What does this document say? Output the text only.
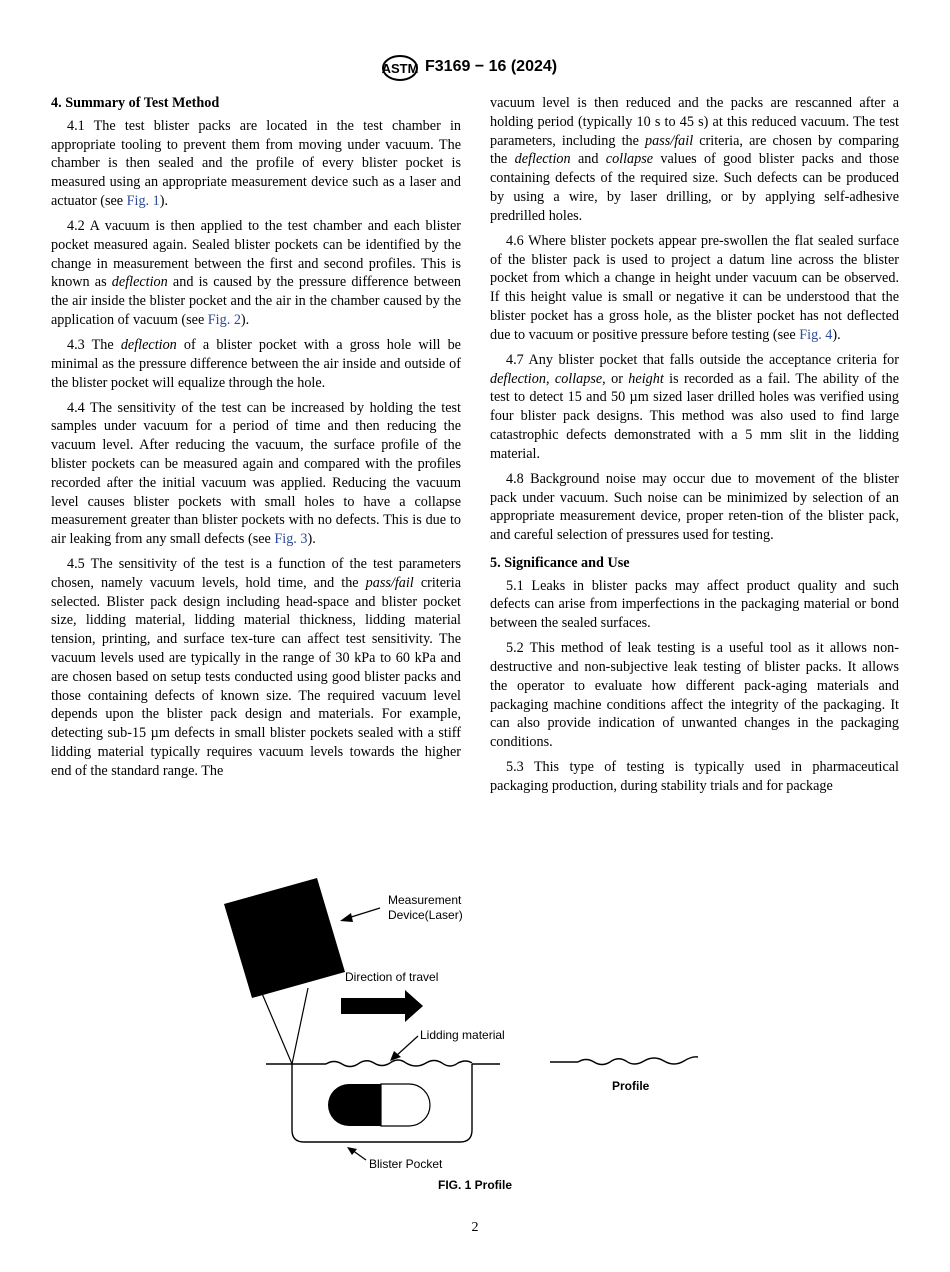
ASTM F3169 − 16 (2024)
4. Summary of Test Method

4.1 The test blister packs are located in the test chamber in appropriate tooling to prevent them from moving under vacuum. The chamber is then sealed and the profile of every blister pocket is measured using an appropriate measurement device such as a laser and actuator (see Fig. 1).

4.2 A vacuum is then applied to the test chamber and each blister pocket measured again. Sealed blister pockets can be identified by the change in measurement between the first and second profiles. This is known as deflection and is caused by the pressure difference between the air inside the blister pocket and the air in the chamber caused by the application of vacuum (see Fig. 2).

4.3 The deflection of a blister pocket with a gross hole will be minimal as the pressure difference between the air inside and outside of the blister pocket will equalize through the hole.

4.4 The sensitivity of the test can be increased by holding the test samples under vacuum for a period of time and then reducing the vacuum level. After reducing the vacuum, the surface profile of the blister pockets can be measured again and compared with the profiles recorded after the initial vacuum was applied. Reducing the vacuum level causes blister pockets with small holes to have a collapse measurement greater than blister pockets with no defects. This is due to air leaking from any small defects (see Fig. 3).

4.5 The sensitivity of the test is a function of the test parameters chosen, namely vacuum levels, hold time, and the pass/fail criteria selected. Blister pack design including head-space and blister pocket size, lidding material, lidding material thickness, lidding material tension, printing, and surface tex-ture can affect test sensitivity. The vacuum levels used are typically in the range of 30 kPa to 60 kPa and are chosen based on setup tests conducted using good blister packs and those containing defects of known size. The required vacuum level depends upon the blister pack design and materials. For example, detecting sub-15 µm defects in small blister pockets sealed with a stiff lidding material typically requires vacuum levels towards the higher end of the standard range. The

vacuum level is then reduced and the packs are rescanned after a holding period (typically 10 s to 45 s) at this reduced vacuum. The test parameters, including the pass/fail criteria, are chosen by comparing the deflection and collapse values of good blister packs and those containing defects of the required size. Such defects can be produced by using a wire, by laser drilling, or by applying self-adhesive predrilled holes.

4.6 Where blister pockets appear pre-swollen the flat sealed surface of the blister pack is used to project a datum line across the blister pocket from which a change in height under vacuum can be observed. If this height value is small or negative it can be understood that the blister pocket has a gross hole, as the blister pocket has not deflected due to vacuum or positive pressure before testing (see Fig. 4).

4.7 Any blister pocket that falls outside the acceptance criteria for deflection, collapse, or height is recorded as a fail. The ability of the test to detect 15 and 50 µm sized laser drilled holes was verified using four blister pack designs. This method was also used to find large catastrophic defects demonstrated with a 5 mm slit in the lidding material.

4.8 Background noise may occur due to movement of the blister pack under vacuum. Such noise can be minimized by selection of an appropriate measurement device, proper reten-tion of the blister pack, and careful selection of pressures used for testing.

5. Significance and Use

5.1 Leaks in blister packs may affect product quality and such defects can arise from imperfections in the packaging material or bond between the sealed surfaces.

5.2 This method of leak testing is a useful tool as it allows non-destructive and non-subjective leak testing of blister packs. It allows the operator to evaluate how different pack-aging materials and packaging machine conditions affect the integrity of the packaging. It can also provide indication of unwanted changes in the packaging conditions.

5.3 This type of testing is typically used in pharmaceutical packaging production, during stability trials and for package

Measurement
Device(Laser)
Direction of travel
Lidding material
Blister Pocket
Profile
FIG. 1 Profile
2
